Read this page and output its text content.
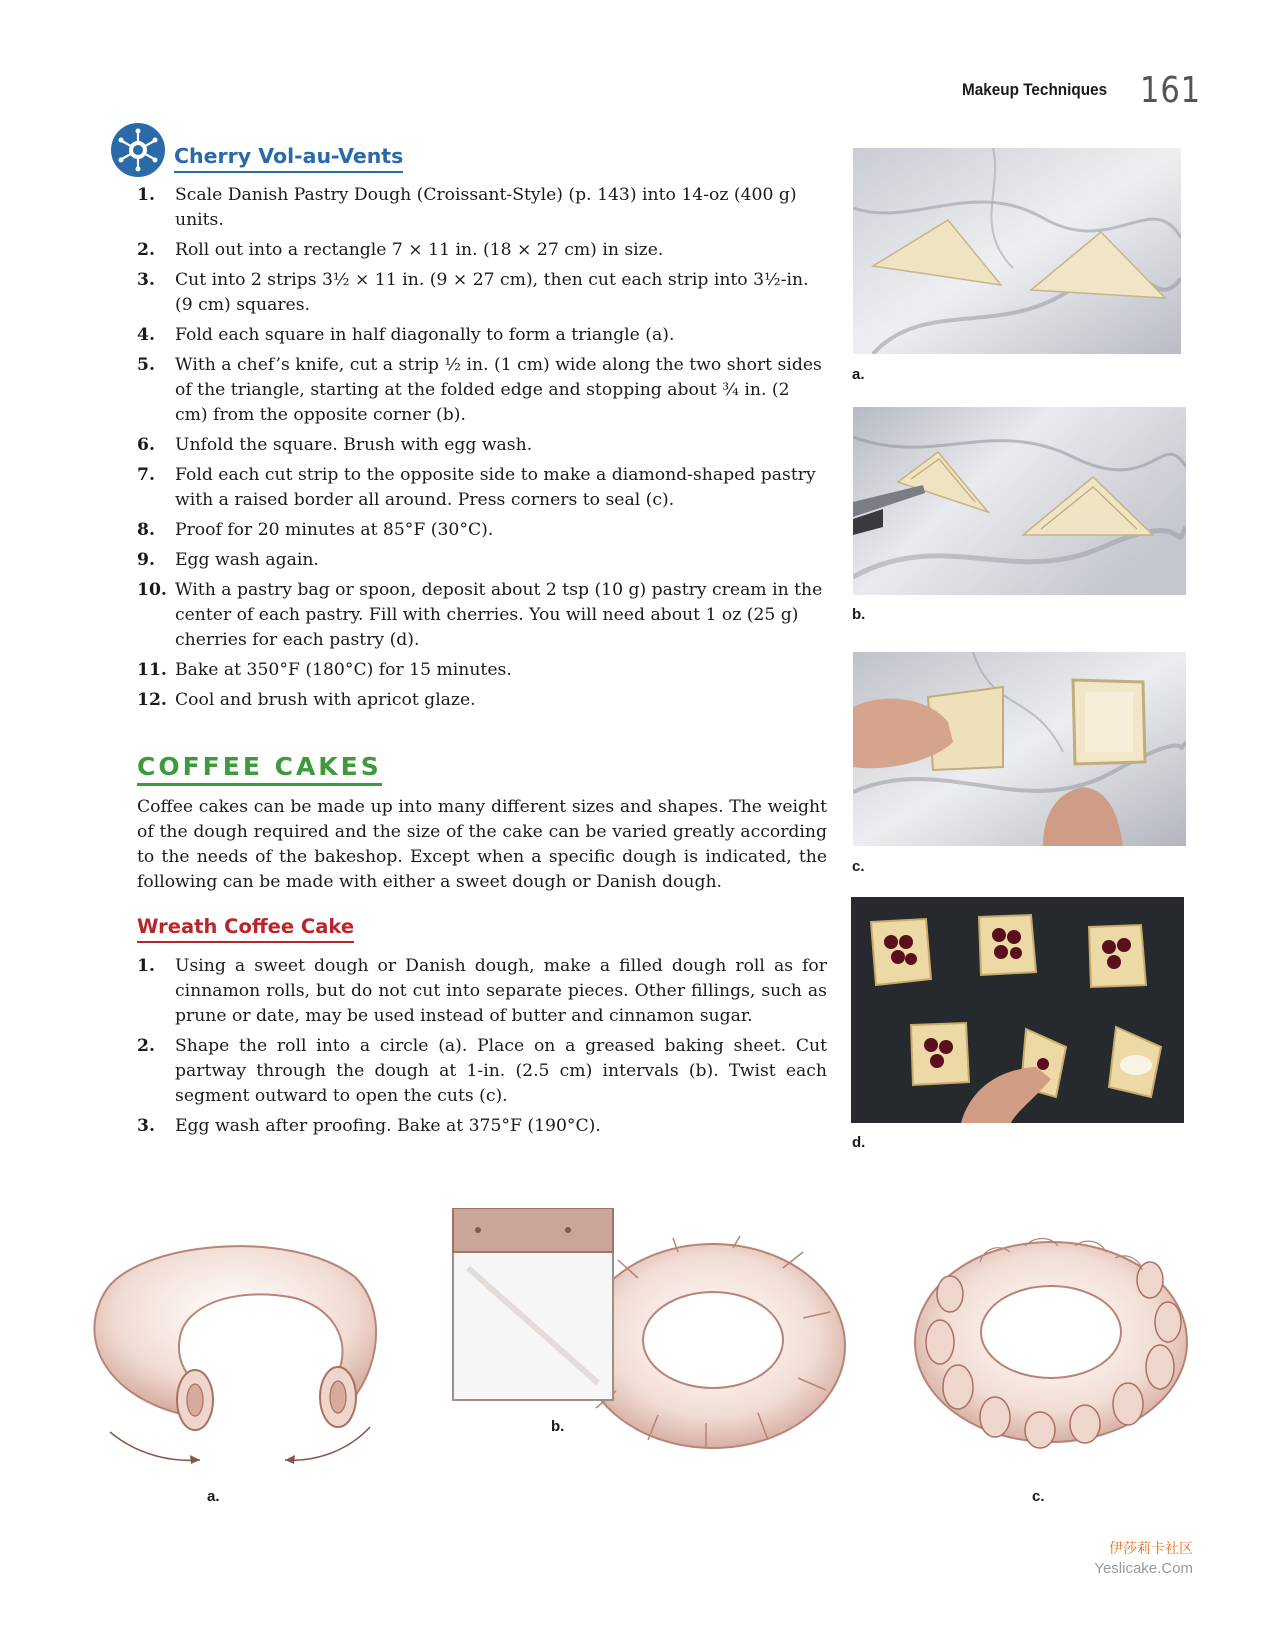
Makeup Techniques 161
Cherry Vol-au-Vents
1. Scale Danish Pastry Dough (Croissant-Style) (p. 143) into 14-oz (400 g) units.
2. Roll out into a rectangle 7 × 11 in. (18 × 27 cm) in size.
3. Cut into 2 strips 3½ × 11 in. (9 × 27 cm), then cut each strip into 3½-in. (9 cm) squares.
4. Fold each square in half diagonally to form a triangle (a).
5. With a chef’s knife, cut a strip ½ in. (1 cm) wide along the two short sides of the triangle, starting at the folded edge and stopping about ¾ in. (2 cm) from the opposite corner (b).
6. Unfold the square. Brush with egg wash.
7. Fold each cut strip to the opposite side to make a diamond-shaped pastry with a raised border all around. Press corners to seal (c).
8. Proof for 20 minutes at 85°F (30°C).
9. Egg wash again.
10. With a pastry bag or spoon, deposit about 2 tsp (10 g) pastry cream in the center of each pastry. Fill with cherries. You will need about 1 oz (25 g) cherries for each pastry (d).
11. Bake at 350°F (180°C) for 15 minutes.
12. Cool and brush with apricot glaze.
COFFEE CAKES
Coffee cakes can be made up into many different sizes and shapes. The weight of the dough required and the size of the cake can be varied greatly according to the needs of the bakeshop. Except when a specific dough is indicated, the following can be made with either a sweet dough or Danish dough.
Wreath Coffee Cake
1. Using a sweet dough or Danish dough, make a filled dough roll as for cinnamon rolls, but do not cut into separate pieces. Other fillings, such as prune or date, may be used instead of butter and cinnamon sugar.
2. Shape the roll into a circle (a). Place on a greased baking sheet. Cut partway through the dough at 1-in. (2.5 cm) intervals (b). Twist each segment outward to open the cuts (c).
3. Egg wash after proofing. Bake at 375°F (190°C).
a.
b.
c.
d.
a.
b.
c.
伊莎莉卡社区
Yeslicake.Com
